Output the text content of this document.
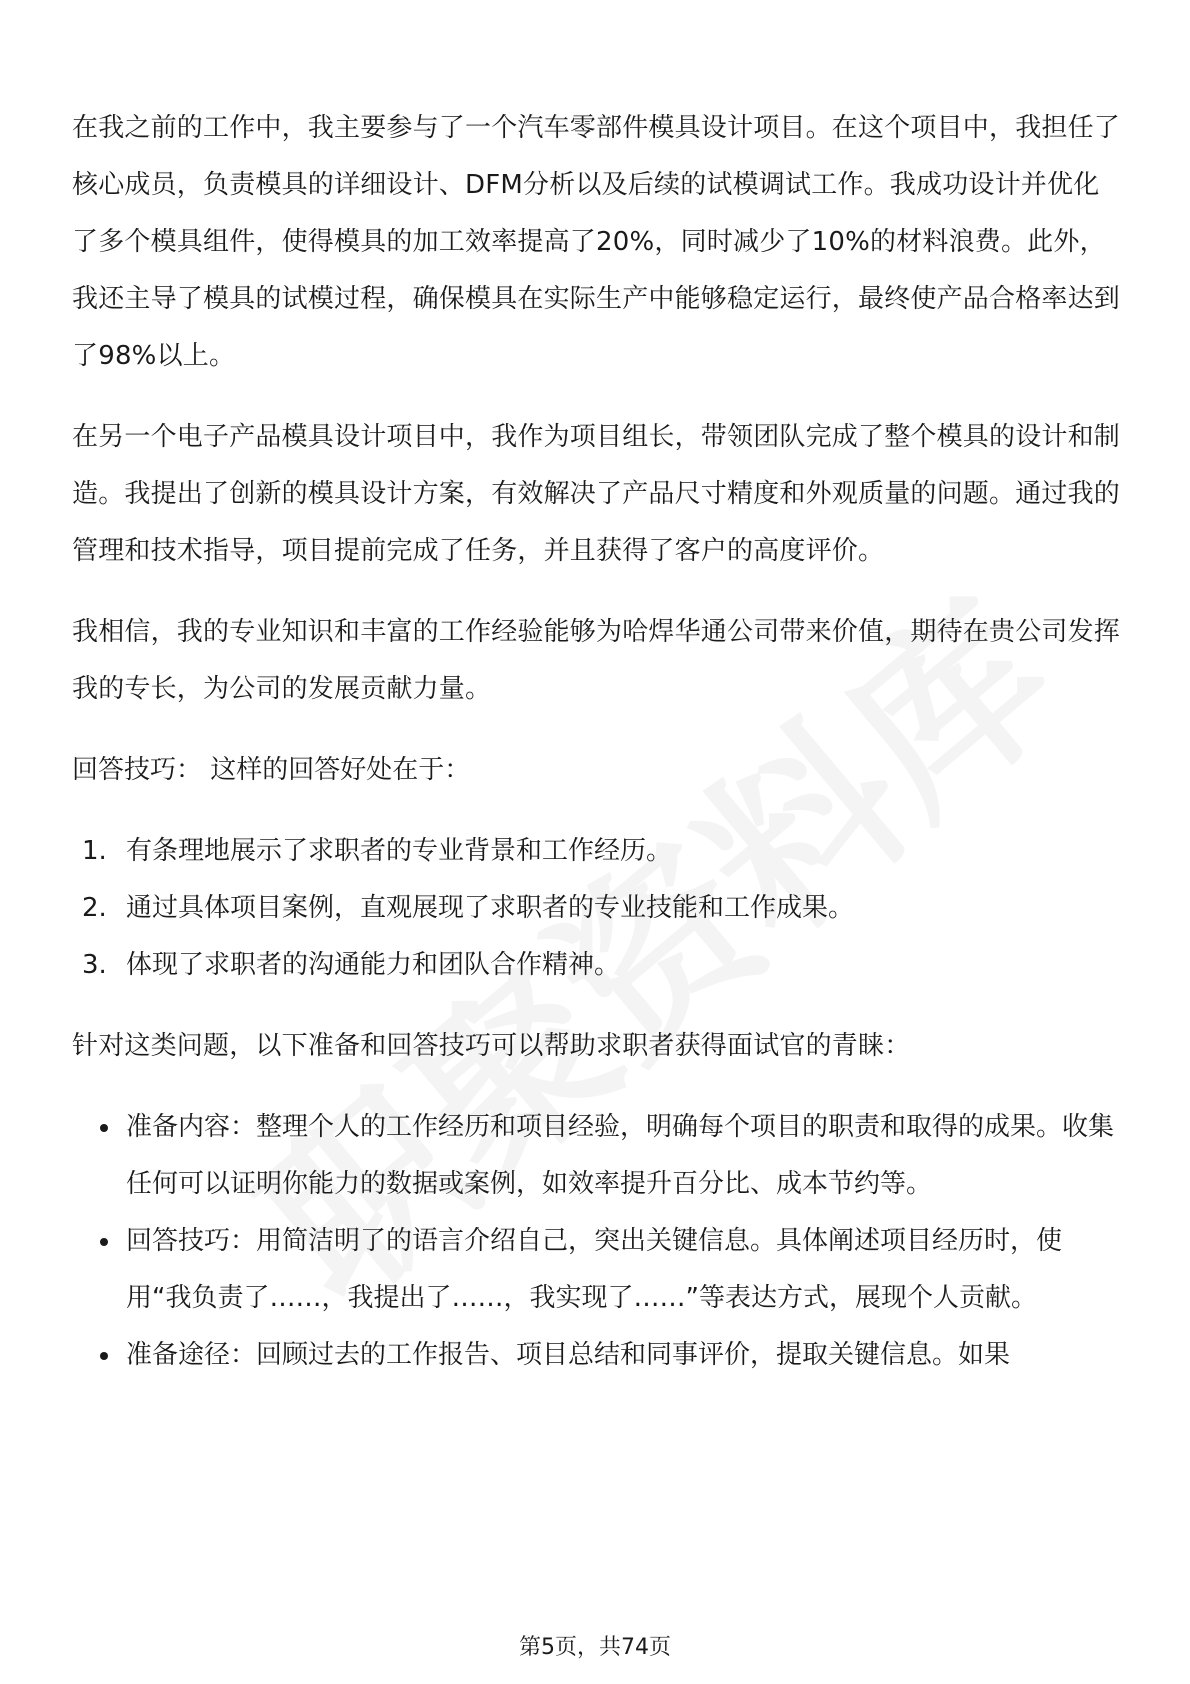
在我之前的工作中，我主要参与了一个汽车零部件模具设计项目。在这个项目中，我担任了核心成员，负责模具的详细设计、DFM分析以及后续的试模调试工作。我成功设计并优化了多个模具组件，使得模具的加工效率提高了20%，同时减少了10%的材料浪费。此外，我还主导了模具的试模过程，确保模具在实际生产中能够稳定运行，最终使产品合格率达到了98%以上。

在另一个电子产品模具设计项目中，我作为项目组长，带领团队完成了整个模具的设计和制造。我提出了创新的模具设计方案，有效解决了产品尺寸精度和外观质量的问题。通过我的管理和技术指导，项目提前完成了任务，并且获得了客户的高度评价。

我相信，我的专业知识和丰富的工作经验能够为哈焊华通公司带来价值，期待在贵公司发挥我的专长，为公司的发展贡献力量。

回答技巧： 这样的回答好处在于：

1. 有条理地展示了求职者的专业背景和工作经历。
2. 通过具体项目案例，直观展现了求职者的专业技能和工作成果。
3. 体现了求职者的沟通能力和团队合作精神。

针对这类问题，以下准备和回答技巧可以帮助求职者获得面试官的青睐：

准备内容：整理个人的工作经历和项目经验，明确每个项目的职责和取得的成果。收集任何可以证明你能力的数据或案例，如效率提升百分比、成本节约等。
回答技巧：用简洁明了的语言介绍自己，突出关键信息。具体阐述项目经历时，使用“我负责了……，我提出了……，我实现了……”等表达方式，展现个人贡献。
准备途径：回顾过去的工作报告、项目总结和同事评价，提取关键信息。如果
第5页，共74页
